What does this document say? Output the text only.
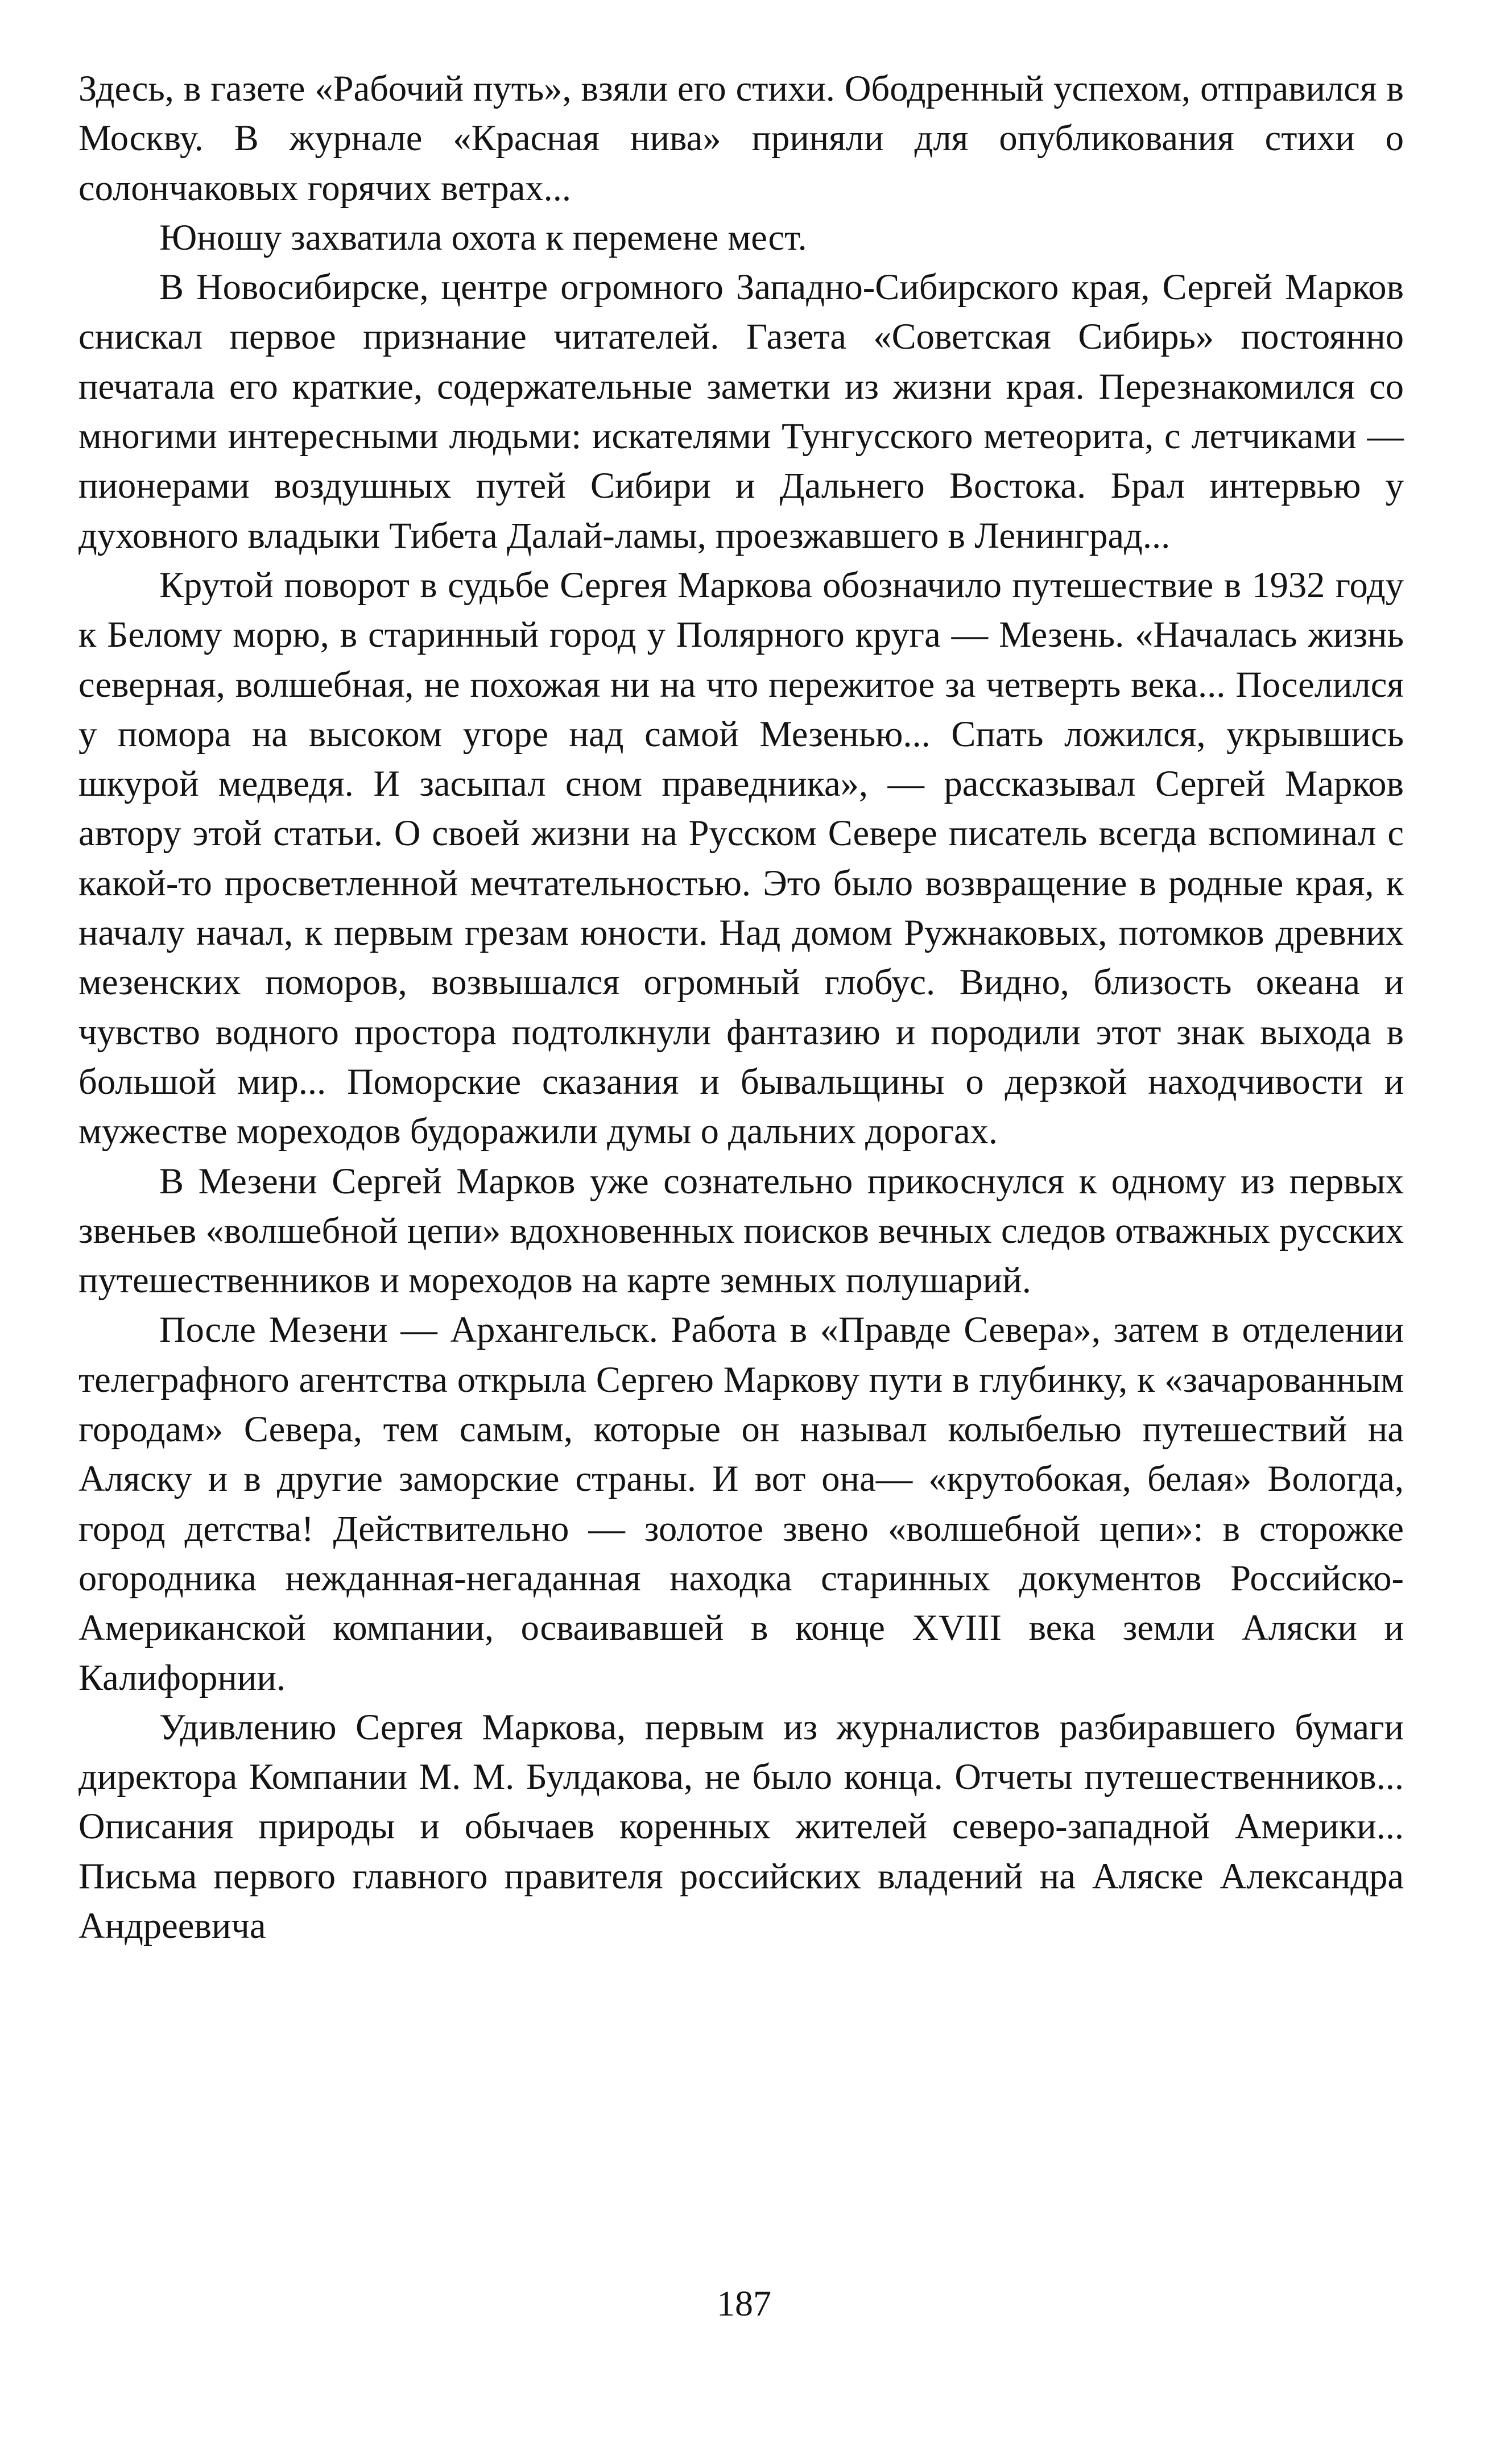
Здесь, в газете «Рабочий путь», взяли его стихи. Ободренный успехом, отправился в Москву. В журнале «Красная нива» приняли для опубликования стихи о солончаковых горячих ветрах...

Юношу захватила охота к перемене мест.

В Новосибирске, центре огромного Западно-Сибирского края, Сергей Марков снискал первое признание читателей. Газета «Советская Сибирь» постоянно печатала его краткие, содержательные заметки из жизни края. Перезнакомился со многими интересными людьми: искателями Тунгусского метеорита, с летчиками — пионерами воздушных путей Сибири и Дальнего Востока. Брал интервью у духовного владыки Тибета Далай-ламы, проезжавшего в Ленинград...

Крутой поворот в судьбе Сергея Маркова обозначило путешествие в 1932 году к Белому морю, в старинный город у Полярного круга — Мезень. «Началась жизнь северная, волшебная, не похожая ни на что пережитое за четверть века... Поселился у помора на высоком угоре над самой Мезенью... Спать ложился, укрывшись шкурой медведя. И засыпал сном праведника», — рассказывал Сергей Марков автору этой статьи. О своей жизни на Русском Севере писатель всегда вспоминал с какой-то просветленной мечтательностью. Это было возвращение в родные края, к началу начал, к первым грезам юности. Над домом Ружнаковых, потомков древних мезенских поморов, возвышался огромный глобус. Видно, близость океана и чувство водного простора подтолкнули фантазию и породили этот знак выхода в большой мир... Поморские сказания и бывальщины о дерзкой находчивости и мужестве мореходов будоражили думы о дальних дорогах.

В Мезени Сергей Марков уже сознательно прикоснулся к одному из первых звеньев «волшебной цепи» вдохновенных поисков вечных следов отважных русских путешественников и мореходов на карте земных полушарий.

После Мезени — Архангельск. Работа в «Правде Севера», затем в отделении телеграфного агентства открыла Сергею Маркову пути в глубинку, к «зачарованным городам» Севера, тем самым, которые он называл колыбелью путешествий на Аляску и в другие заморские страны. И вот она— «крутобокая, белая» Вологда, город детства! Действительно — золотое звено «волшебной цепи»: в сторожке огородника нежданная-негаданная находка старинных документов Российско-Американской компании, осваивавшей в конце XVIII века земли Аляски и Калифорнии.

Удивлению Сергея Маркова, первым из журналистов разбиравшего бумаги директора Компании М. М. Булдакова, не было конца. Отчеты путешественников... Описания природы и обычаев коренных жителей северо-западной Америки... Письма первого главного правителя российских владений на Аляске Александра Андреевича

187
